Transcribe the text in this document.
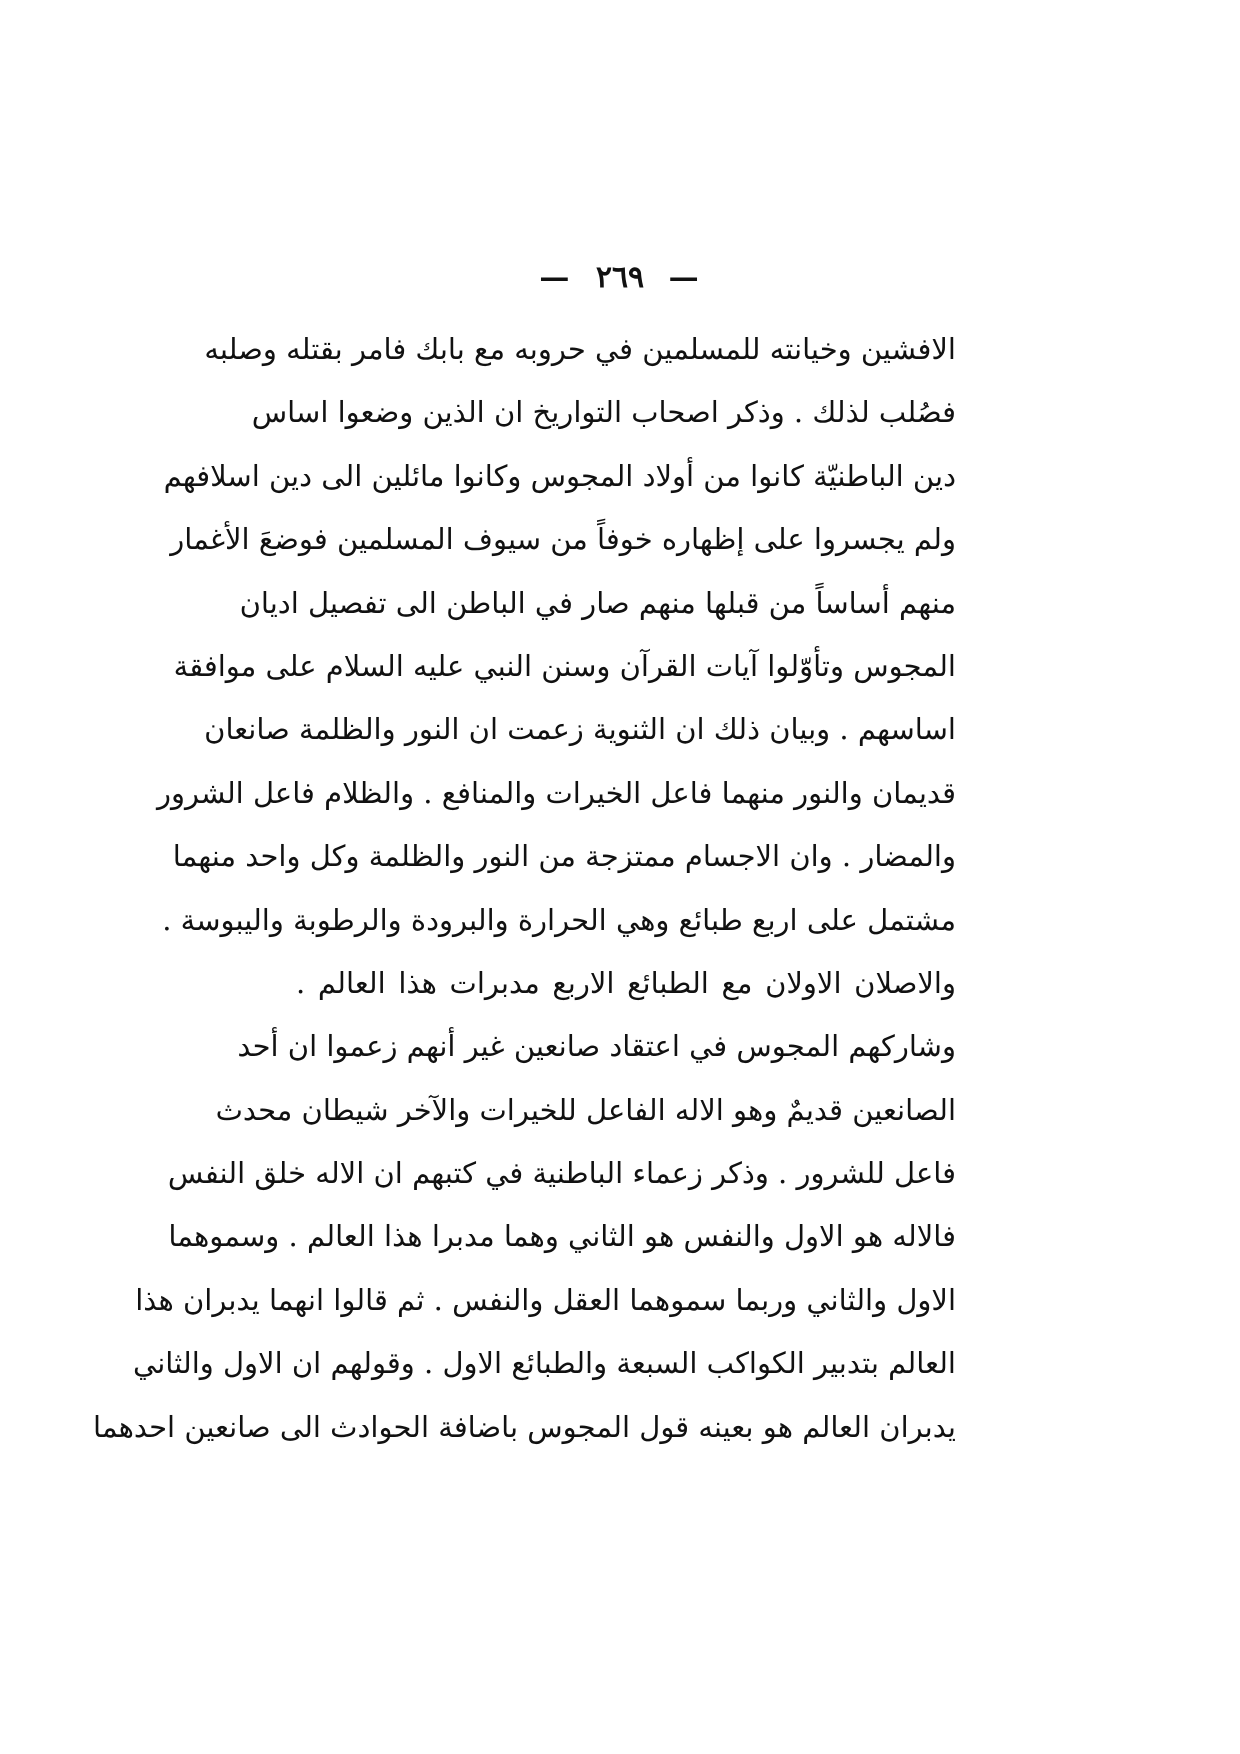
— ٢٦٩ —
الافشين وخيانته للمسلمين في حروبه مع بابك فامر بقتله وصلبه
فصُلب لذلك . وذكر اصحاب التواريخ ان الذين وضعوا اساس
دين الباطنيّة كانوا من أولاد المجوس وكانوا مائلين الى دين اسلافهم
ولم يجسروا على إظهاره خوفاً من سيوف المسلمين فوضعَ الأغمار
منهم أساساً من قبلها منهم صار في الباطن الى تفصيل اديان
المجوس وتأوّلوا آيات القرآن وسنن النبي عليه السلام على موافقة
اساسهم . وبيان ذلك ان الثنوية زعمت ان النور والظلمة صانعان
قديمان والنور منهما فاعل الخيرات والمنافع . والظلام فاعل الشرور
والمضار . وان الاجسام ممتزجة من النور والظلمة وكل واحد منهما
مشتمل على اربع طبائع وهي الحرارة والبرودة والرطوبة واليبوسة .
والاصلان الاولان مع الطبائع الاربع مدبرات هذا العالم .
وشاركهم المجوس في اعتقاد صانعين غير أنهم زعموا ان أحد
الصانعين قديمٌ وهو الاله الفاعل للخيرات والآخر شيطان محدث
فاعل للشرور . وذكر زعماء الباطنية في كتبهم ان الاله خلق النفس
فالاله هو الاول والنفس هو الثاني وهما مدبرا هذا العالم . وسموهما
الاول والثاني وربما سموهما العقل والنفس . ثم قالوا انهما يدبران هذا
العالم بتدبير الكواكب السبعة والطبائع الاول . وقولهم ان الاول والثاني
يدبران العالم هو بعينه قول المجوس باضافة الحوادث الى صانعين احدهما
